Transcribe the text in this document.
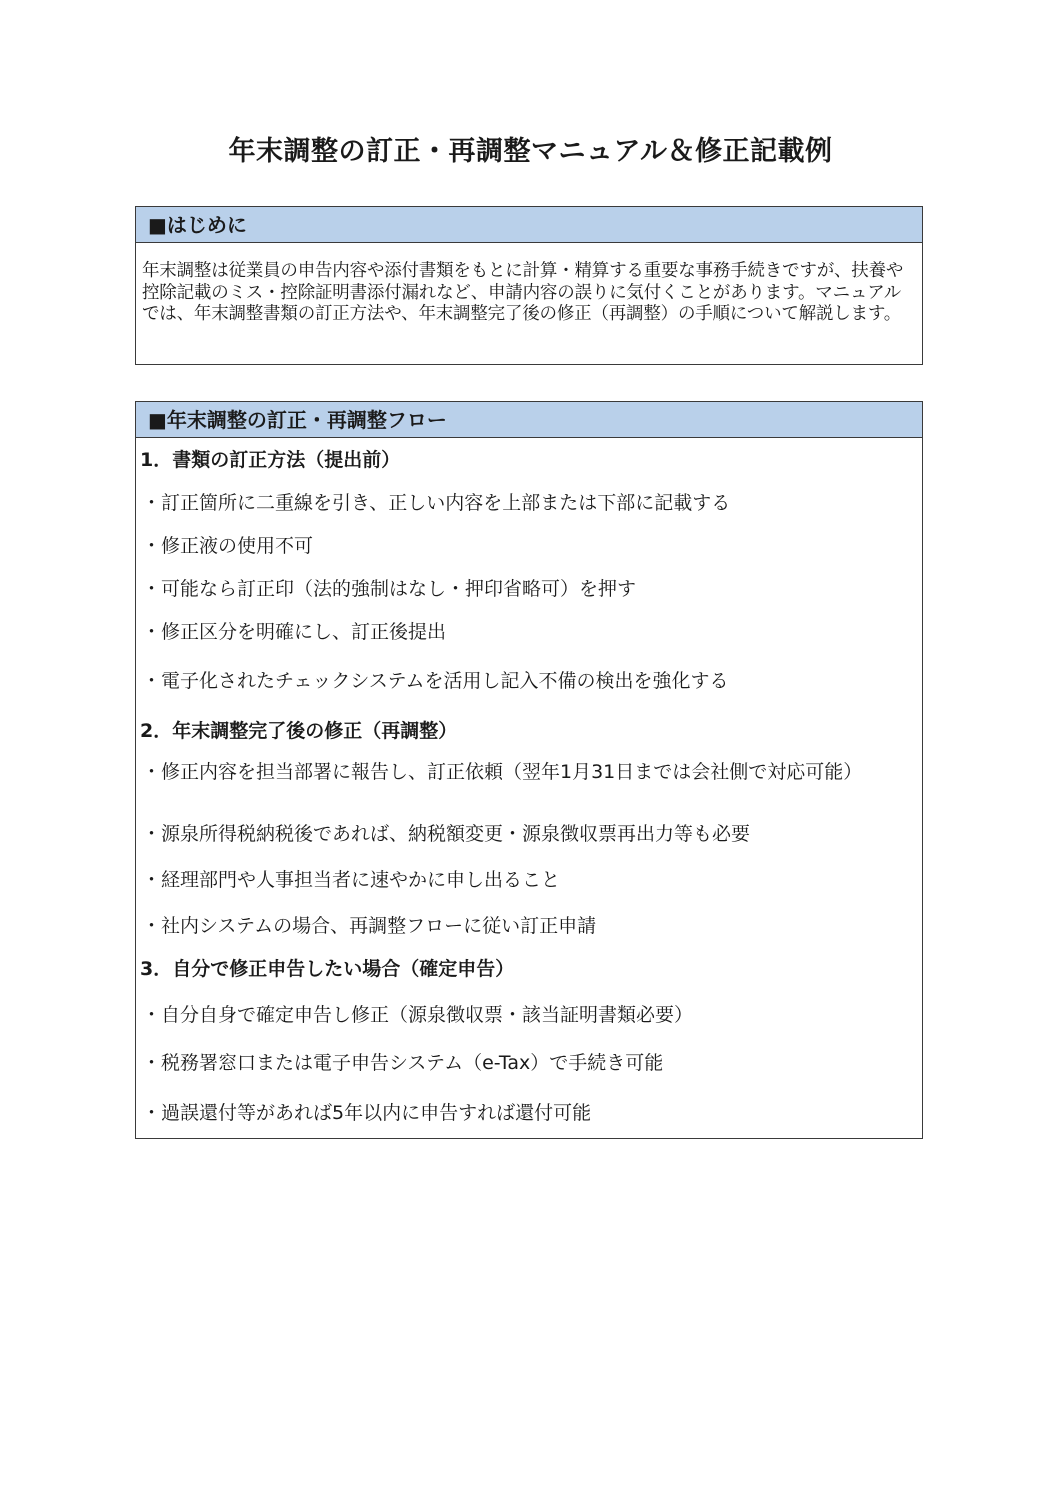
年末調整の訂正・再調整マニュアル＆修正記載例
■はじめに
年末調整は従業員の申告内容や添付書類をもとに計算・精算する重要な事務手続きですが、扶養や控除記載のミス・控除証明書添付漏れなど、申請内容の誤りに気付くことがあります。マニュアルでは、年末調整書類の訂正方法や、年末調整完了後の修正（再調整）の手順について解説します。
■年末調整の訂正・再調整フロー
1．書類の訂正方法（提出前）
・訂正箇所に二重線を引き、正しい内容を上部または下部に記載する
・修正液の使用不可
・可能なら訂正印（法的強制はなし・押印省略可）を押す
・修正区分を明確にし、訂正後提出
・電子化されたチェックシステムを活用し記入不備の検出を強化する
2．年末調整完了後の修正（再調整）
・修正内容を担当部署に報告し、訂正依頼（翌年1月31日までは会社側で対応可能）
・源泉所得税納税後であれば、納税額変更・源泉徴収票再出力等も必要
・経理部門や人事担当者に速やかに申し出ること
・社内システムの場合、再調整フローに従い訂正申請
3．自分で修正申告したい場合（確定申告）
・自分自身で確定申告し修正（源泉徴収票・該当証明書類必要）
・税務署窓口または電子申告システム（e-Tax）で手続き可能
・過誤還付等があれば5年以内に申告すれば還付可能
